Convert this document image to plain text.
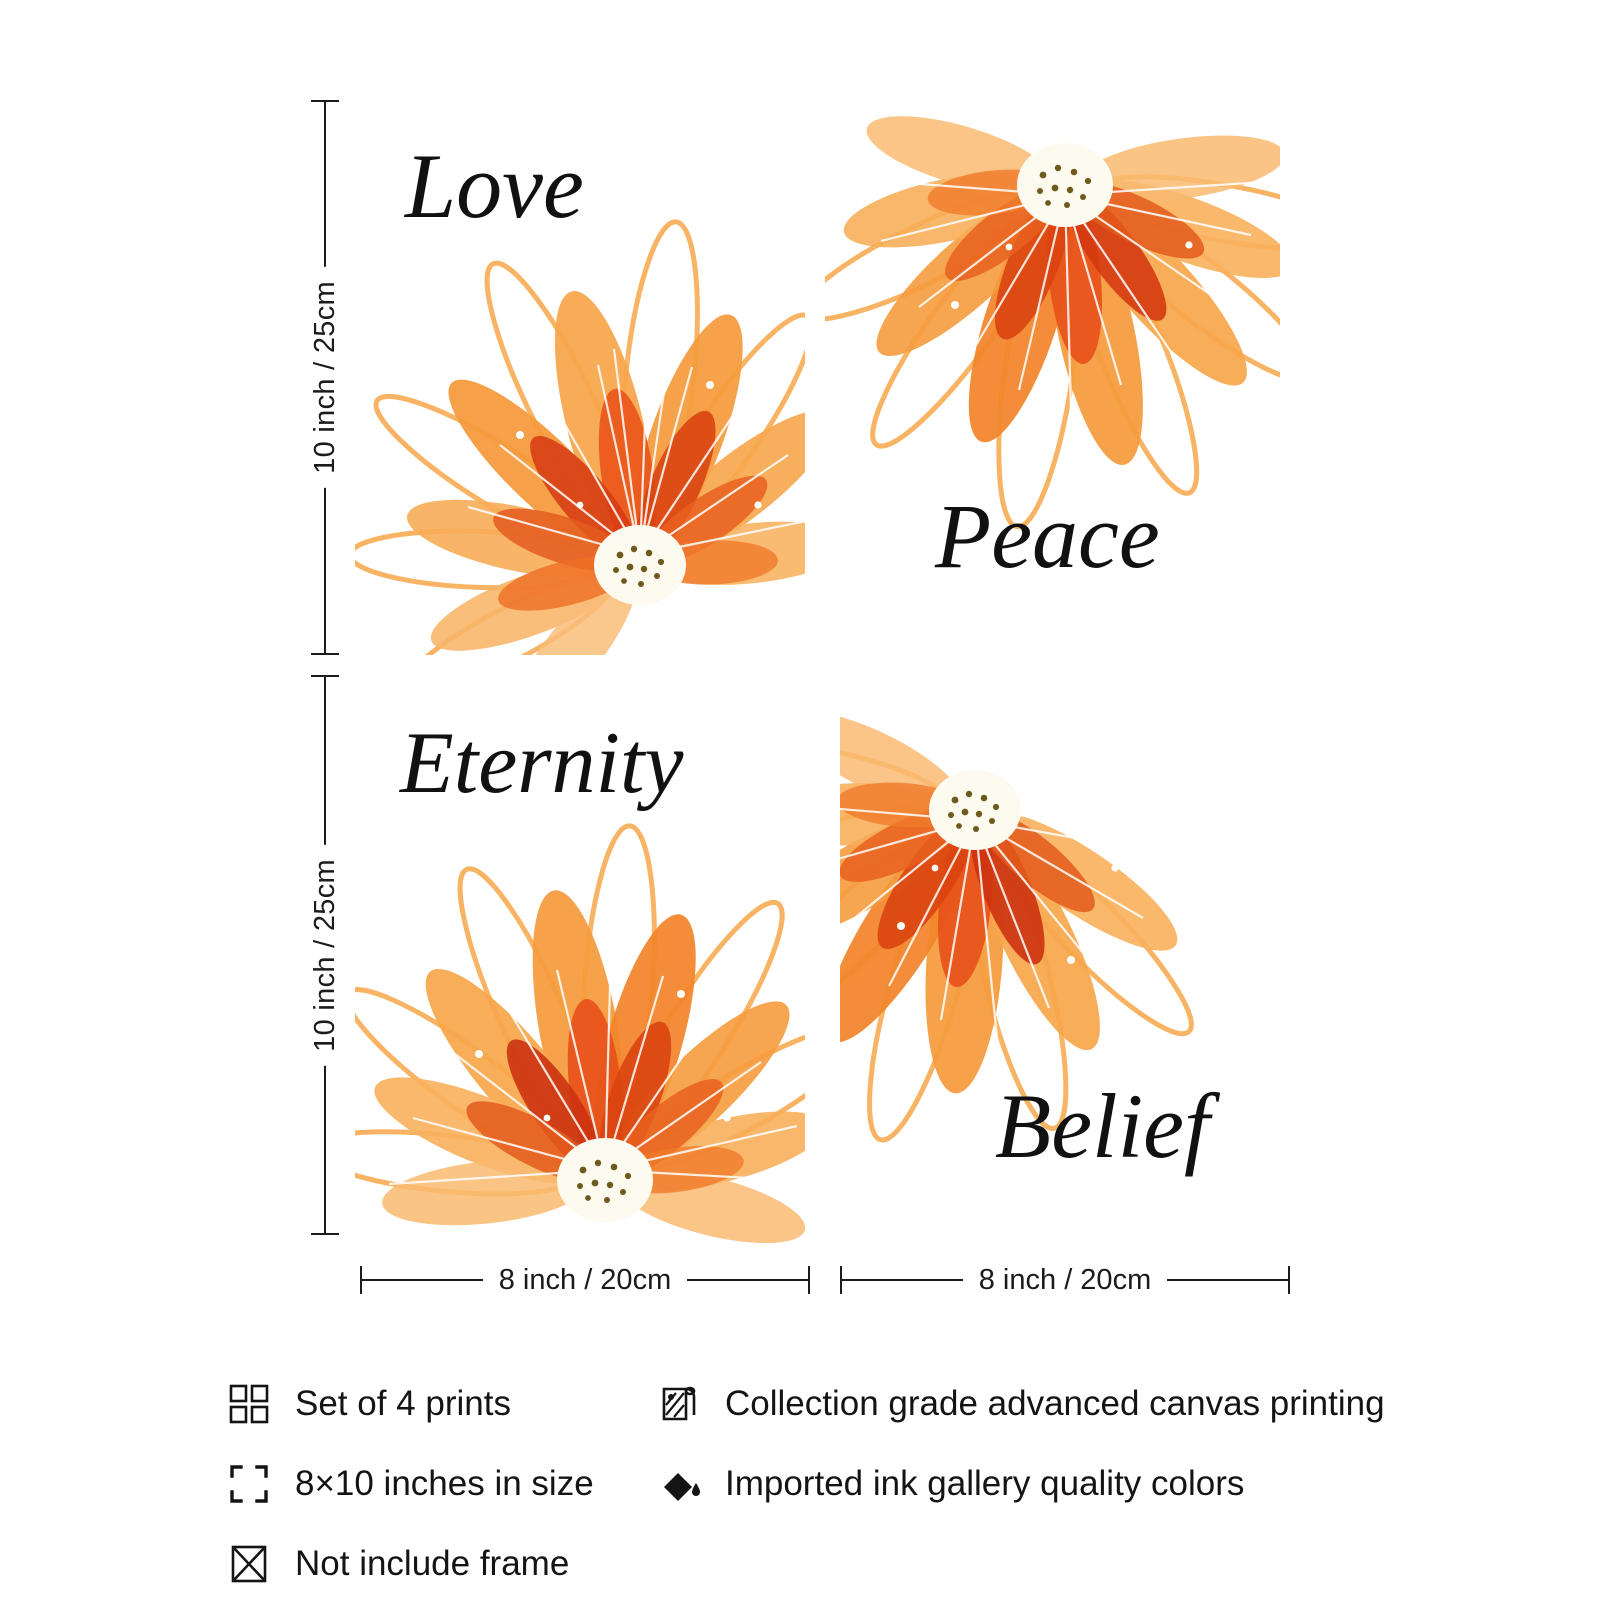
10 inch / 25cm
10 inch / 25cm
8 inch / 20cm	8 inch / 20cm
Love
Peace
Eternity
Belief
Set of 4 prints
8×10 inches in size
Not include frame
Collection grade advanced canvas printing
Imported ink gallery quality colors
